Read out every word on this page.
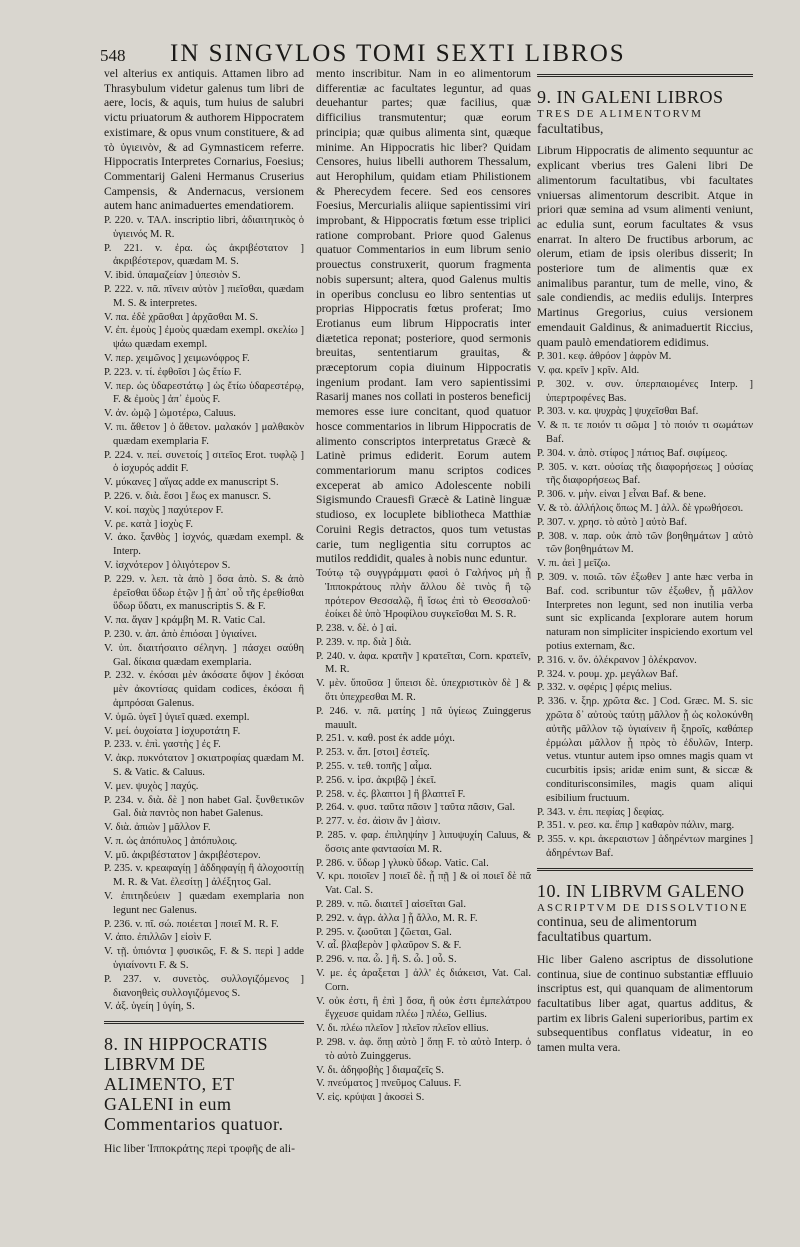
548	IN SINGVLOS TOMI SEXTI LIBROS

vel alterius ex antiquis. Attamen libro ad Thrasybulum videtur galenus tum libri de aere, locis, & aquis, tum huius de salubri victu priuatorum & authorem Hippocratem existimare, & opus vnum constituere, & ad τὸ ὑγιεινὸν, & ad Gymnasticem referre. Hippocratis Interpretes Cornarius, Foesius; Commentarij Galeni Hermanus Cruserius Campensis, & Andernacus, versionem autem hanc animaduertes emendatiorem.

P. 220. v. ΤΑΛ. inscriptio libri, ἀδιαιτητικὸς ὁ ὑγιεινός M. R.

P. 221. v. ἐρα. ὡς ἀκριβέστατον ] ἀκριβέστερον, quædam M. S.

V. ibid. ὑπαμαζείαν ] ὑπεσιὸν S.

P. 222. v. πᾶ. πῖνειν αὐτὸν ] πιεῖσθαι, quædam M. S. & interpretes.

V. πα. ἐδὲ χρᾶσθαι ] ἀρχᾶσθαι M. S.

V. ἐπ. ἐμοὺς ] ἐμοὺς quædam exempl. σκελίω ] ψάω quædam exempl.

V. περ. χειμῶνος ] χειμωνόφρος F.

P. 223. v. τί. ἐφθοῖσι ] ὡς ἔτίω F.

V. περ. ὡς ὑδαρεστάτῳ ] ὡς ἔτίω ὑδαρεστέρῳ, F. & ἐμοὺς ] ἀπ᾽ ἐμοὺς F.

V. ἀν. ὠμῷ ] ὠμοτέρω, Caluus.

V. πι. ἄθετον ] ὁ ἄθετον. μαλακόν ] μαλθακὸν quædam exemplaria F.

P. 224. v. πεί. συνετοίς ] σιτεῖος Erot. τυφλῷ ] ὁ ἰσχυρός addit F.

V. μύκανες ] αἴγας adde ex manuscript S.

P. 226. v. διὰ. ἔσοι ] ἔως ex manuscr. S.

V. κοί. παχὺς ] παχύτερον F.

V. ρε. κατὰ ] ἰσχὺς F.

V. ἀκο. ξανθὸς ] ἰσχνός, quædam exempl. & Interp.

V. ἰσχνότερον ] ὀλιγότερον S.

P. 229. v. λεπ. τὰ ἀπὸ ] ὅσα ἀπὸ. S. & ἀπὸ ἐρεῖσθαι ὕδωρ ἑτῷν ] ᾗ ἀπ᾽ οὗ τῆς ἐρεθίσθαι ὕδωρ ὕδατι, ex manuscriptis S. & F.

V. πα. ἄγαν ] κράμβη M. R. Vatic Cal.

P. 230. v. ἀπ. ἀπὸ ἐπιόσαι ] ὑγιαίνει.

V. ὑπ. διαιτήσαιτο σέληνη. ] πάσχει σαύθη Gal. δίκαια quædam exemplaria.

P. 232. v. ἐκόσαι μὲν ἀκόσατε ὄψον ] ἐκόσαι μὲν ἀκοντίσας quidam codices, ἐκόσαι ἢ ἀμπρόσαι Galenus.

V. ὑμῶ. ὑγεῖ ] ὑγιεῖ quæd. exempl.

V. μεί. ὀυχοίατα ] ἰσχυροτάτη F.

P. 233. v. ἐπὶ. γαστὴς ] ἐς F.

V. ἀκρ. πυκνότατον ] σκιατροφίας quædam M. S. & Vatic. & Caluus.

V. μεν. ψυχὸς ] παχύς.

P. 234. v. διὰ. δὲ ] non habet Gal. ξυνθετικῶν Gal. διὰ παντὸς non habet Galenus.

V. διὰ. ἀπιὼν ] μᾶλλον F.

V. π. ὡς ἀπόπυλος ] ἀπόπυλοις.

V. μῦ. ἀκριβέστατον ] ἀκριβέστερον.

P. 235. v. κρεαφαγίῃ ] ἀδδηφαγίῃ ἢ ἀλοχοσιτίῃ M. R. & Vat. ἐλεσίτῃ ] ἀλέξητος Gal.

V. ἐπιτηδεύειν ] quædam exemplaria non legunt nec Galenus.

P. 236. v. πῖ. σώ. ποιέεται ] ποιεῖ M. R. F.

V. ἀπο. ἐπιλλῶν ] εἰσὶν F.

V. τῇ. ὑπιόντα ] φυσικῶς, F. & S. περὶ ] adde ὑγιαίνοντι F. & S.

P. 237. v. συνετὸς. συλλογιζόμενος ] διανοηθεὶς συλλογιζόμενος S.

V. ἀξ. ὑγείη ] ὑγίη, S.

8. IN HIPPOCRATIS LIBRVM DE ALIMENTO, ET GALENI in eum Commentarios quatuor.

Hic liber Ἱπποκράτης περὶ τροφῆς de ali-

mento inscribitur. Nam in eo alimentorum differentiæ ac facultates leguntur, ad quas deuehantur partes; quæ facilius, quæ difficilius transmutentur; quæ eorum principia; quæ quibus alimenta sint, quæque minime. An Hippocratis hic liber? Quidam Censores, huius libelli authorem Thessalum, aut Herophilum, quidam etiam Philistionem & Pherecydem fecere. Sed eos censores Foesius, Mercurialis aliique sapientissimi viri improbant, & Hippocratis fœtum esse triplici ratione comprobant. Priore quod Galenus quatuor Commentarios in eum librum senio prouectus construxerit, quorum fragmenta nobis supersunt; altera, quod Galenus multis in operibus conclusu eo libro sententias ut proprias Hippocratis fœtus proferat; Imo Erotianus eum librum Hippocratis inter diætetica reponat; posteriore, quod sermonis breuitas, sententiarum grauitas, & præceptorum copia diuinum Hippocratis ingenium prodant. Iam vero sapientissimi Rasarij manes nos collati in posteros beneficij memores esse iure concitant, quod quatuor hosce commentarios in librum Hippocratis de alimento conscriptos interpretatus Græcè & Latinè primus ediderit. Eorum autem commentariorum manu scriptos codices exceperat ab amico Adolescente nobili Sigismundo Crauesfi Græcè & Latinè linguæ studioso, ex locuplete bibliotheca Matthiæ Coruini Regis detractos, quos tum vetustas carie, tum negligentia situ corruptos ac mutilos reddidit, quales à nobis nunc eduntur.

Τούτῳ τῷ συγγράμματι φασὶ ὁ Γαλήνος μὴ ᾗ Ἱπποκράτους πλὴν ἄλλου δὲ τινὸς ἢ τῷ πρότερον Θεσσαλῷ, ἢ ἴσως ἐπὶ τὸ Θεσσαλοῦ· ἐοίκει δὲ ὑπὸ Ἡροφίλου συγκεῖσθαι M. S. R.

P. 238. v. δὲ. ὁ ] αἱ.

P. 239. v. πρ. διὰ ] διὰ.

P. 240. v. ἀφα. κρατῆν ] κρατεῖται, Corn. κρατεῖν, M. R.

V. μὲν. ὕποῦσα ] ὕπεισι δὲ. ὑπεχριστικὸν δὲ ] & ὅτι ὑπεχρεσθαι M. R.

P. 246. v. πᾶ. ματίης ] πᾶ ὑγίεως Zuinggerus mauult.

P. 251. v. καθ. post ἐκ adde μόχι.

P. 253. v. ἄπ. [στοι] ἐστεῖς.

P. 255. v. τεθ. τοπῆς ] αἷμα.

P. 256. v. ἰρσ. ἀκριβῷ ] ἐκεῖ.

P. 258. v. ἐς. βλαπτοι ] ἢ βλαπτεῖ F.

P. 264. v. φυσ. ταῦτα πᾶσιν ] ταῦτα πᾶσιν, Gal.

P. 277. v. ἐσ. ἀὶσιν ἂν ] ἀὶσιν.

P. 285. v. φαρ. ἐπιληψίην ] λιπυψυχίη Caluus, & ὅσσις ante φαντασίαι M. R.

P. 286. v. ὕδωρ ] γλυκὺ ὕδωρ. Vatic. Cal.

V. κρι. ποιοῖεν ] ποιεῖ δὲ. ᾗ πῇ ] & οἱ ποιεῖ δὲ πᾶ Vat. Cal. S.

P. 289. v. πῶ. διαιτεῖ ] αἰσεῖται Gal.

P. 292. v. ἀγρ. ἀλλα ] ᾗ ἄλλο, M. R. F.

P. 295. v. ζωοῦται ] ζῶεται, Gal.

V. αἷ. βλαβερὸν ] φλαῦρον S. & F.

P. 296. v. πα. ὦ. ] ἢ. S. ὦ. ] οὖ. S.

V. με. ἐς ἀραξεται ] ἀλλ' ἐς διάκεισι, Vat. Cal. Corn.

V. οὐκ ἐστι, ἢ ἐπὶ ] ὅσα, ἢ οὐκ ἐστι ἐμπελάτρου ἔγχευσε quidam πλέω ] πλέω, Gellius.

V. δι. πλέω πλεῖον ] πλεῖον πλεῖον ellius.

P. 298. v. ἀφ. ὅπῃ αὐτὸ ] ὅπῃ F. τὸ αὐτὸ Interp. ὁ τὸ αὐτὸ Zuinggerus.

V. δι. ἀδηφοβὴς ] διαμαζεῖς S.

V. πνεύματος ] πνεῦμος Caluus. F.

V. εἰς. κρύψαι ] ἀκοσεὶ S.

9. IN GALENI LIBROS

TRES DE ALIMENTORVM

facultatibus,

Librum Hippocratis de alimento sequuntur ac explicant vberius tres Galeni libri De alimentorum facultatibus, vbi facultates vniuersas alimentorum describit. Atque in priori quæ semina ad vsum alimenti veniunt, ac edulia sunt, eorum facultates & vsus enarrat. In altero De fructibus arborum, ac olerum, etiam de ipsis oleribus disserit; In posteriore tum de alimentis quæ ex animalibus parantur, tum de melle, vino, & sale condiendis, ac mediis edulijs. Interpres Martinus Gregorius, cuius versionem emendauit Galdinus, & animaduertit Riccius, quam paulò emendatiorem edidimus.

P. 301. κεφ. ἀθρόον ] ἀφρὸν M.

V. φα. κρεῖν ] κρῖν. Ald.

P. 302. v. συν. ὑπερπαιομένες Interp. ] ὑπερτροφένες Bas.

P. 303. v. κα. ψυχρὰς ] ψυχεῖσθαι Baf.

V. & π. τε ποιόν τι σῶμα ] τὸ ποιόν τι σωμάτων Baf.

P. 304. v. ἀπὸ. στίφος ] πάτιος Baf. σιφίμεος.

P. 305. v. κατ. οὐσίας τῆς διαφορήσεως ] οὐσίας τῆς διαφορήσεως Baf.

P. 306. v. μὴν. εἰναι ] εἶναι Baf. & bene.

V. & τὸ. ἀλλήλοις ὅπως M. ] ἀλλ. δὲ γρωθήσεσι.

P. 307. v. χρησ. τὸ αὐτὸ ] αὐτὸ Baf.

P. 308. v. παρ. οὐκ ἀπὸ τῶν βοηθημάτων ] αὐτὸ τῶν βοηθημάτων M.

V. πι. ἀεὶ ] μεῖζω.

P. 309. v. ποιῶ. τῶν ἐξωθεν ] ante hæc verba in Baf. cod. scribuntur τῶν ἐξωθεν, ᾗ μᾶλλον Interpretes non legunt, sed non inutilia verba sunt sic explicanda [explorare autem horum naturam non simpliciter inspiciendo exortum vel potius externam, &c.

P. 316. v. ὅν. ὀλέκρανον ] ὀλέκρανον.

P. 324. v. ρουμ. χρ. μεγάλων Baf.

P. 332. v. σφέρις ] φέρις melius.

P. 336. v. ξηρ. χρῶτα &c. ] Cod. Græc. M. S. sic χρῶτα δ᾽ αὐτοὺς ταύτῃ μᾶλλον ᾗ ὡς κολοκύνθη αὐτῆς μᾶλλον τῷ ὑγιαίνειν ἢ ξηροῖς, καθάπερ ἐρμώλαι μᾶλλον ᾗ πρὸς τὸ ἐδυλῶν, Interp. vetus. vtuntur autem ipso omnes magis quam vt cucurbitis ipsis; aridæ enim sunt, & siccæ & conditurisconsimiles, magis quam aliqui esibilium fructuum.

P. 343. v. ἐπι. πεφίας ] δεφίας.

P. 351. v. ρεσ. κα. ἔπιρ ] καθαρὸν πάλιν, marg.

P. 355. v. κρι. ἀκεραιστων ] ἀδηρέντων margines ] ἀδηρέντων Baf.

10. IN LIBRVM GALENO

ASCRIPTVM DE DISSOLVTIONE

continua, seu de alimentorum facultatibus quartum.

Hic liber Galeno ascriptus de dissolutione continua, siue de continuo substantiæ effluuio inscriptus est, qui quanquam de alimentorum facultatibus liber agat, quartus additus, & partim ex libris Galeni superioribus, partim ex subsequentibus conflatus videatur, in eo tamen multa vera.
